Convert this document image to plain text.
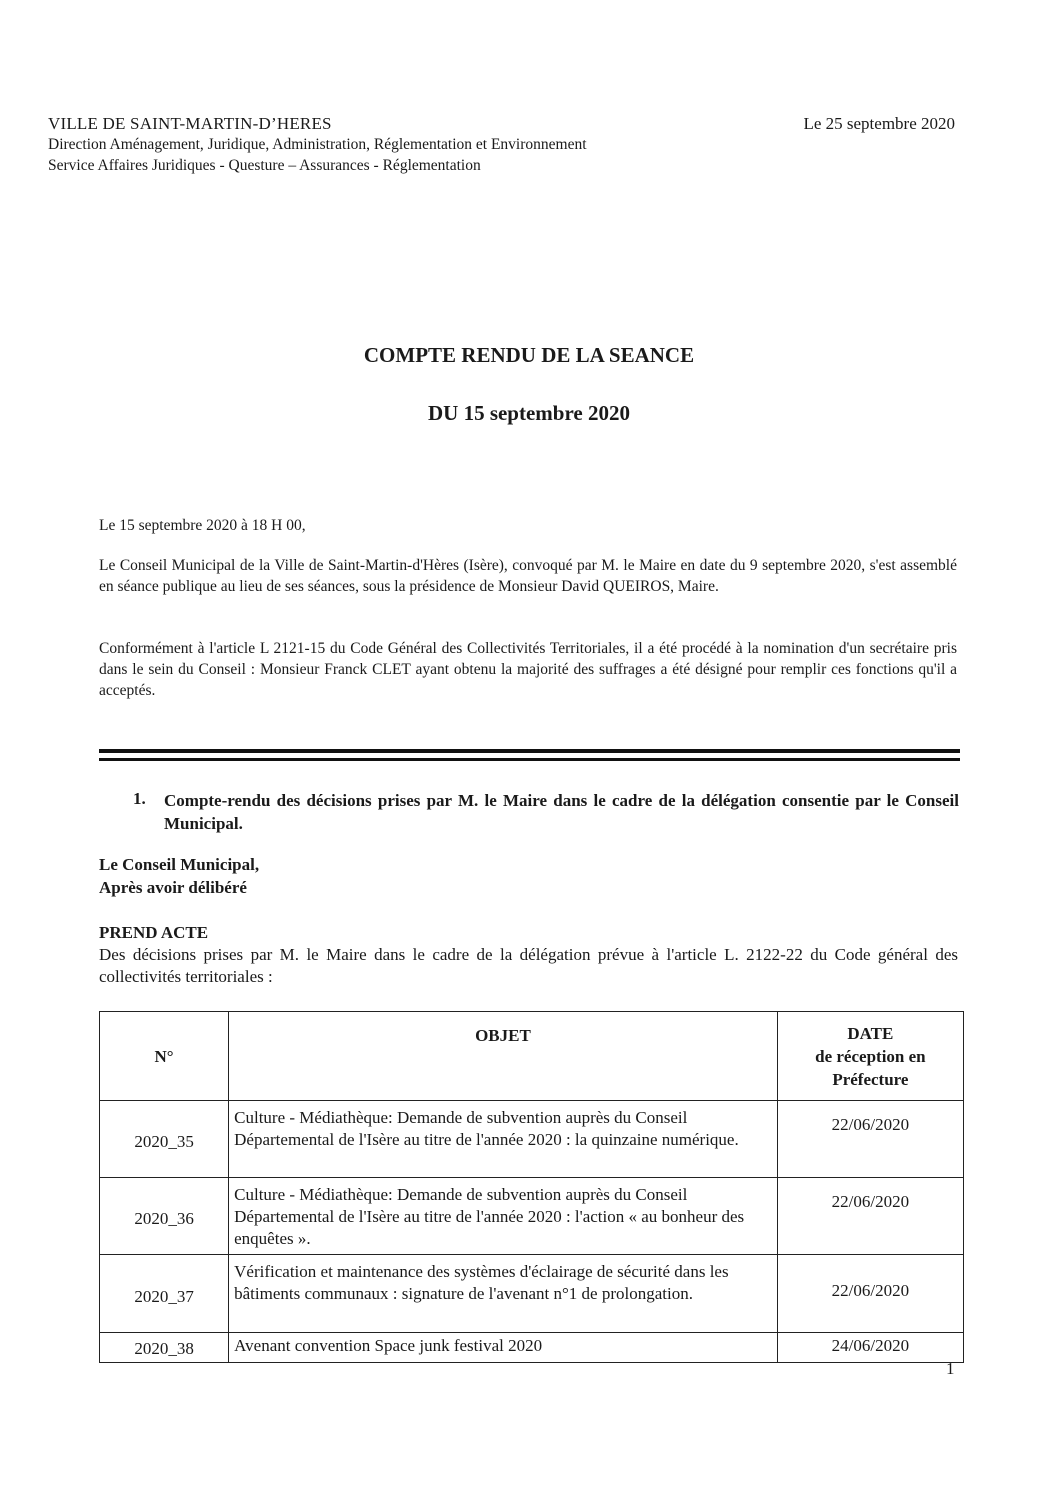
VILLE DE SAINT-MARTIN-D’HERES
Direction Aménagement, Juridique, Administration, Réglementation et Environnement
Service Affaires Juridiques - Questure – Assurances - Réglementation
Le 25 septembre 2020
COMPTE RENDU DE LA SEANCE
DU 15 septembre 2020
Le 15 septembre 2020 à 18 H 00,
Le Conseil Municipal de la Ville de Saint-Martin-d'Hères (Isère), convoqué par M. le Maire en date du 9 septembre 2020, s'est assemblé en séance publique au lieu de ses séances, sous la présidence de Monsieur David QUEIROS, Maire.
Conformément à l'article L 2121-15 du Code Général des Collectivités Territoriales, il a été procédé à la nomination d'un secrétaire pris dans le sein du Conseil : Monsieur Franck CLET ayant obtenu la majorité des suffrages a été désigné pour remplir ces fonctions qu'il a acceptés.
1. Compte-rendu des décisions prises par M. le Maire dans le cadre de la délégation consentie par le Conseil Municipal.
Le Conseil Municipal,
Après avoir délibéré
PREND ACTE
Des décisions prises par M. le Maire dans le cadre de la délégation prévue à l'article L. 2122-22 du Code général des collectivités territoriales :
N°	OBJET	DATE
de réception en
Préfecture

2020_35	Culture - Médiathèque: Demande de subvention auprès du Conseil Départemental de l'Isère au titre de l'année 2020 : la quinzaine numérique.	22/06/2020
2020_36	Culture - Médiathèque: Demande de subvention auprès du Conseil Départemental de l'Isère au titre de l'année 2020 : l'action « au bonheur des enquêtes ».	22/06/2020
2020_37	Vérification et maintenance des systèmes d'éclairage de sécurité dans les bâtiments communaux : signature de l'avenant n°1 de prolongation.	22/06/2020
2020_38	Avenant convention Space junk festival 2020	24/06/2020
1
